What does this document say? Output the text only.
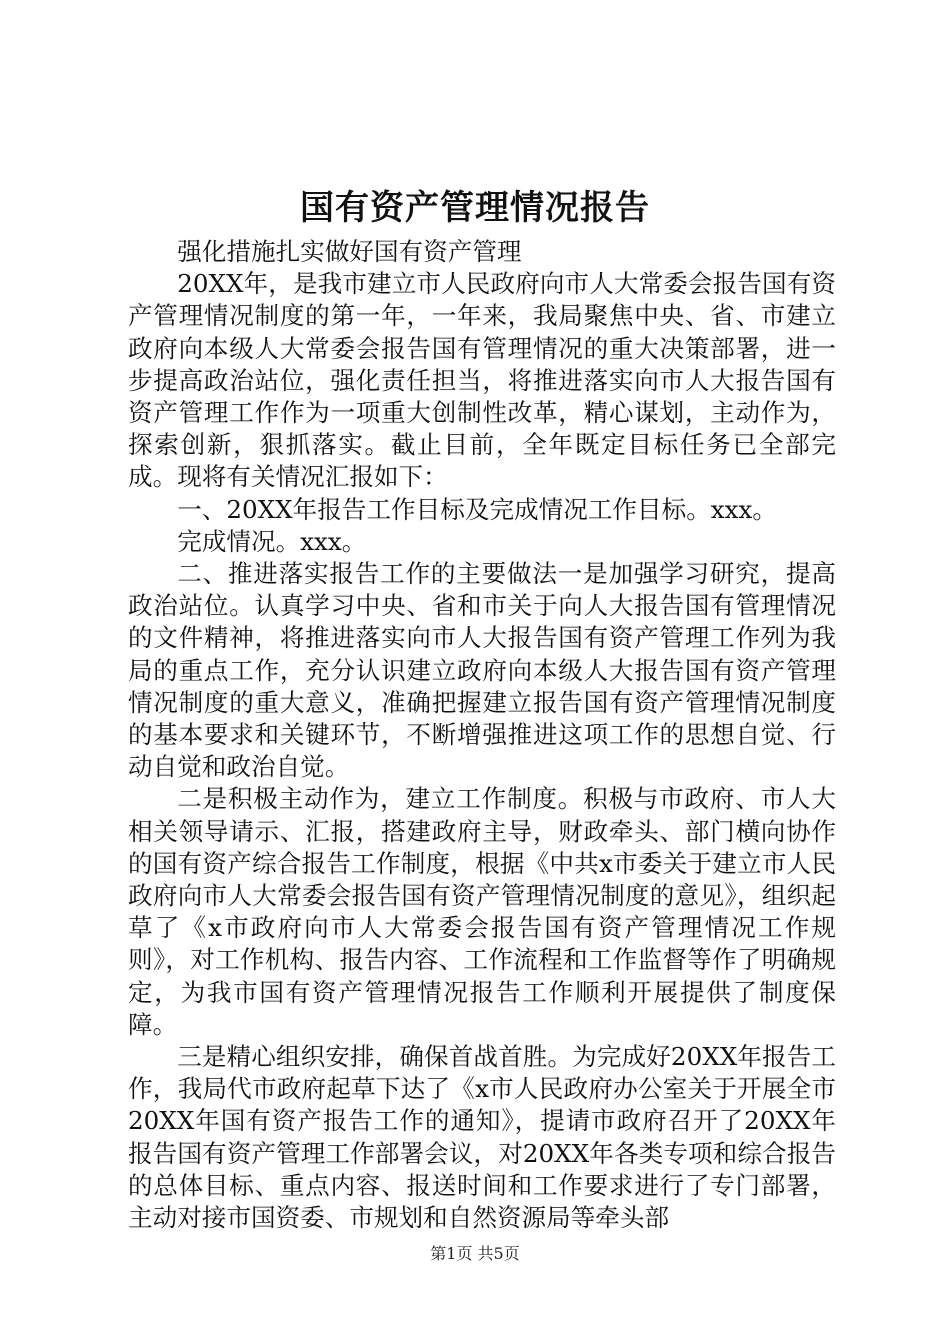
国有资产管理情况报告

强化措施扎实做好国有资产管理

20XX年，是我市建立市人民政府向市人大常委会报告国有资产管理情况制度的第一年，一年来，我局聚焦中央、省、市建立政府向本级人大常委会报告国有管理情况的重大决策部署，进一步提高政治站位，强化责任担当，将推进落实向市人大报告国有资产管理工作作为一项重大创制性改革，精心谋划，主动作为，探索创新，狠抓落实。截止目前，全年既定目标任务已全部完成。现将有关情况汇报如下：

一、20XX年报告工作目标及完成情况工作目标。xxx。

完成情况。xxx。

二、推进落实报告工作的主要做法一是加强学习研究，提高政治站位。认真学习中央、省和市关于向人大报告国有管理情况的文件精神，将推进落实向市人大报告国有资产管理工作列为我局的重点工作，充分认识建立政府向本级人大报告国有资产管理情况制度的重大意义，准确把握建立报告国有资产管理情况制度的基本要求和关键环节，不断增强推进这项工作的思想自觉、行动自觉和政治自觉。

二是积极主动作为，建立工作制度。积极与市政府、市人大相关领导请示、汇报，搭建政府主导，财政牵头、部门横向协作的国有资产综合报告工作制度，根据《中共x市委关于建立市人民政府向市人大常委会报告国有资产管理情况制度的意见》，组织起草了《x市政府向市人大常委会报告国有资产管理情况工作规则》，对工作机构、报告内容、工作流程和工作监督等作了明确规定，为我市国有资产管理情况报告工作顺利开展提供了制度保障。

三是精心组织安排，确保首战首胜。为完成好20XX年报告工作，我局代市政府起草下达了《x市人民政府办公室关于开展全市20XX年国有资产报告工作的通知》，提请市政府召开了20XX年报告国有资产管理工作部署会议，对20XX年各类专项和综合报告的总体目标、重点内容、报送时间和工作要求进行了专门部署，主动对接市国资委、市规划和自然资源局等牵头部

第1页 共5页
